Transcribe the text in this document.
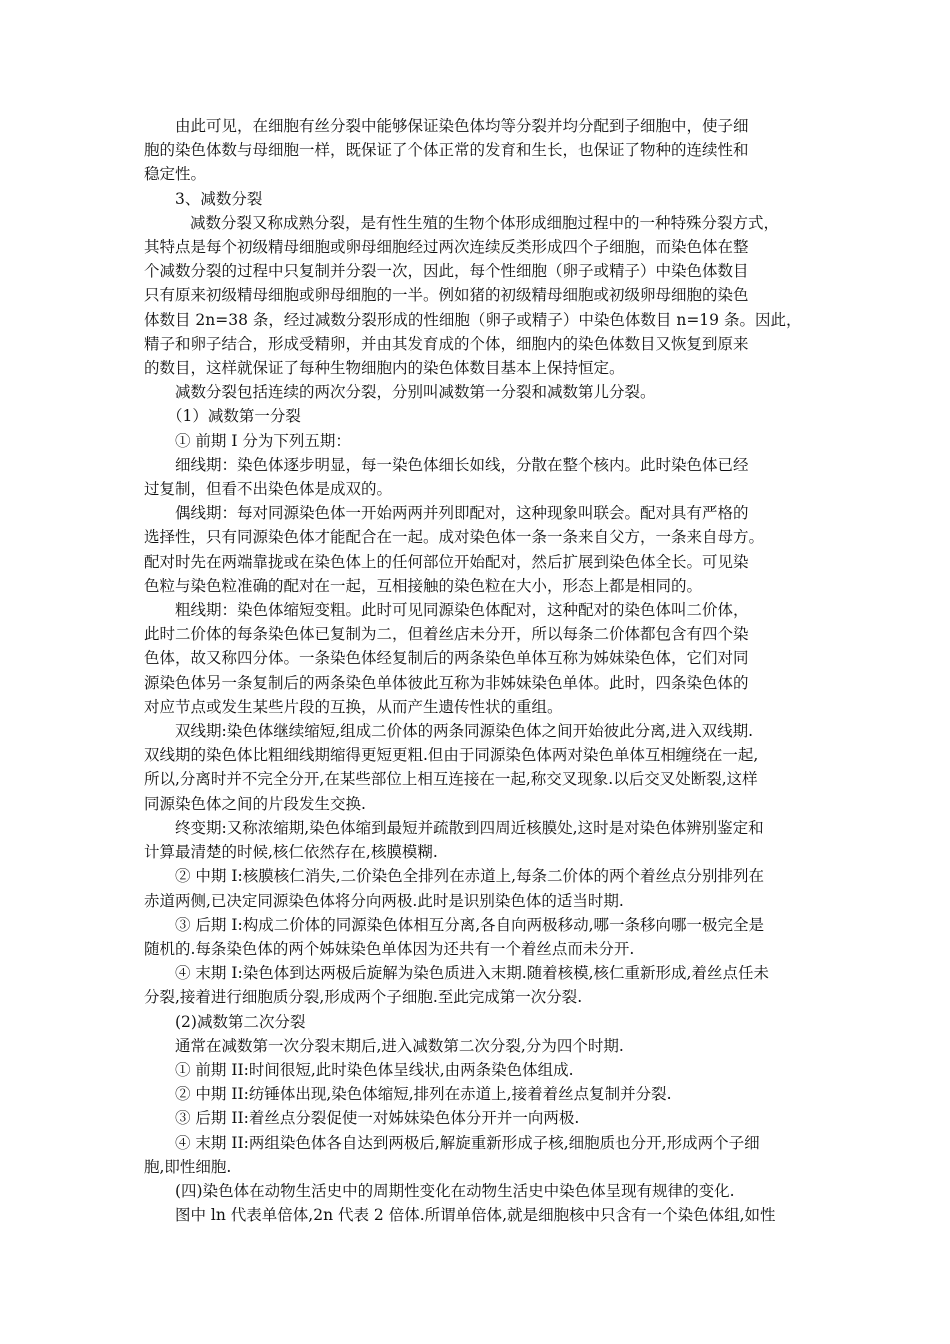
由此可见，在细胞有丝分裂中能够保证染色体均等分裂并均分配到子细胞中，使子细
胞的染色体数与母细胞一样，既保证了个体正常的发育和生长，也保证了物种的连续性和
稳定性。
3、减数分裂
减数分裂又称成熟分裂，是有性生殖的生物个体形成细胞过程中的一种特殊分裂方式，
其特点是每个初级精母细胞或卵母细胞经过两次连续反类形成四个子细胞，而染色体在整
个减数分裂的过程中只复制并分裂一次，因此，每个性细胞（卵子或精子）中染色体数目
只有原来初级精母细胞或卵母细胞的一半。例如猪的初级精母细胞或初级卵母细胞的染色
体数目 2n=38 条，经过减数分裂形成的性细胞（卵子或精子）中染色体数目 n=19 条。因此，
精子和卵子结合，形成受精卵，并由其发育成的个体，细胞内的染色体数目又恢复到原来
的数目，这样就保证了每种生物细胞内的染色体数目基本上保持恒定。
减数分裂包括连续的两次分裂，分别叫减数第一分裂和减数第儿分裂。
（1）减数第一分裂
① 前期 I 分为下列五期：
细线期：染色体逐步明显，每一染色体细长如线，分散在整个核内。此时染色体已经
过复制，但看不出染色体是成双的。
偶线期：每对同源染色体一开始两两并列即配对，这种现象叫联会。配对具有严格的
选择性，只有同源染色体才能配合在一起。成对染色体一条一条来自父方，一条来自母方。
配对时先在两端靠拢或在染色体上的任何部位开始配对，然后扩展到染色体全长。可见染
色粒与染色粒准确的配对在一起，互相接触的染色粒在大小，形态上都是相同的。
粗线期：染色体缩短变粗。此时可见同源染色体配对，这种配对的染色体叫二价体，
此时二价体的每条染色体已复制为二，但着丝店未分开，所以每条二价体都包含有四个染
色体，故又称四分体。一条染色体经复制后的两条染色单体互称为姊妹染色体，它们对同
源染色体另一条复制后的两条染色单体彼此互称为非姊妹染色单体。此时，四条染色体的
对应节点或发生某些片段的互换，从而产生遗传性状的重组。
双线期:染色体继续缩短,组成二价体的两条同源染色体之间开始彼此分离,进入双线期.
双线期的染色体比粗细线期缩得更短更粗.但由于同源染色体两对染色单体互相缠绕在一起,
所以,分离时并不完全分开,在某些部位上相互连接在一起,称交叉现象.以后交叉处断裂,这样
同源染色体之间的片段发生交换.
终变期:又称浓缩期,染色体缩到最短并疏散到四周近核膜处,这时是对染色体辨别鉴定和
计算最清楚的时候,核仁依然存在,核膜模糊.
② 中期 I:核膜核仁消失,二价染色全排列在赤道上,每条二价体的两个着丝点分别排列在
赤道两侧,已决定同源染色体将分向两极.此时是识别染色体的适当时期.
③ 后期 I:构成二价体的同源染色体相互分离,各自向两极移动,哪一条移向哪一极完全是
随机的.每条染色体的两个姊妹染色单体因为还共有一个着丝点而未分开.
④ 末期 I:染色体到达两极后旋解为染色质进入末期.随着核模,核仁重新形成,着丝点任未
分裂,接着进行细胞质分裂,形成两个子细胞.至此完成第一次分裂.
(2)减数第二次分裂
通常在减数第一次分裂末期后,进入减数第二次分裂,分为四个时期.
① 前期 II:时间很短,此时染色体呈线状,由两条染色体组成.
② 中期 II:纺锤体出现,染色体缩短,排列在赤道上,接着着丝点复制并分裂.
③ 后期 II:着丝点分裂促使一对姊妹染色体分开并一向两极.
④ 末期 II:两组染色体各自达到两极后,解旋重新形成子核,细胞质也分开,形成两个子细
胞,即性细胞.
(四)染色体在动物生活史中的周期性变化在动物生活史中染色体呈现有规律的变化.
图中 ln 代表单倍体,2n 代表 2 倍体.所谓单倍体,就是细胞核中只含有一个染色体组,如性
